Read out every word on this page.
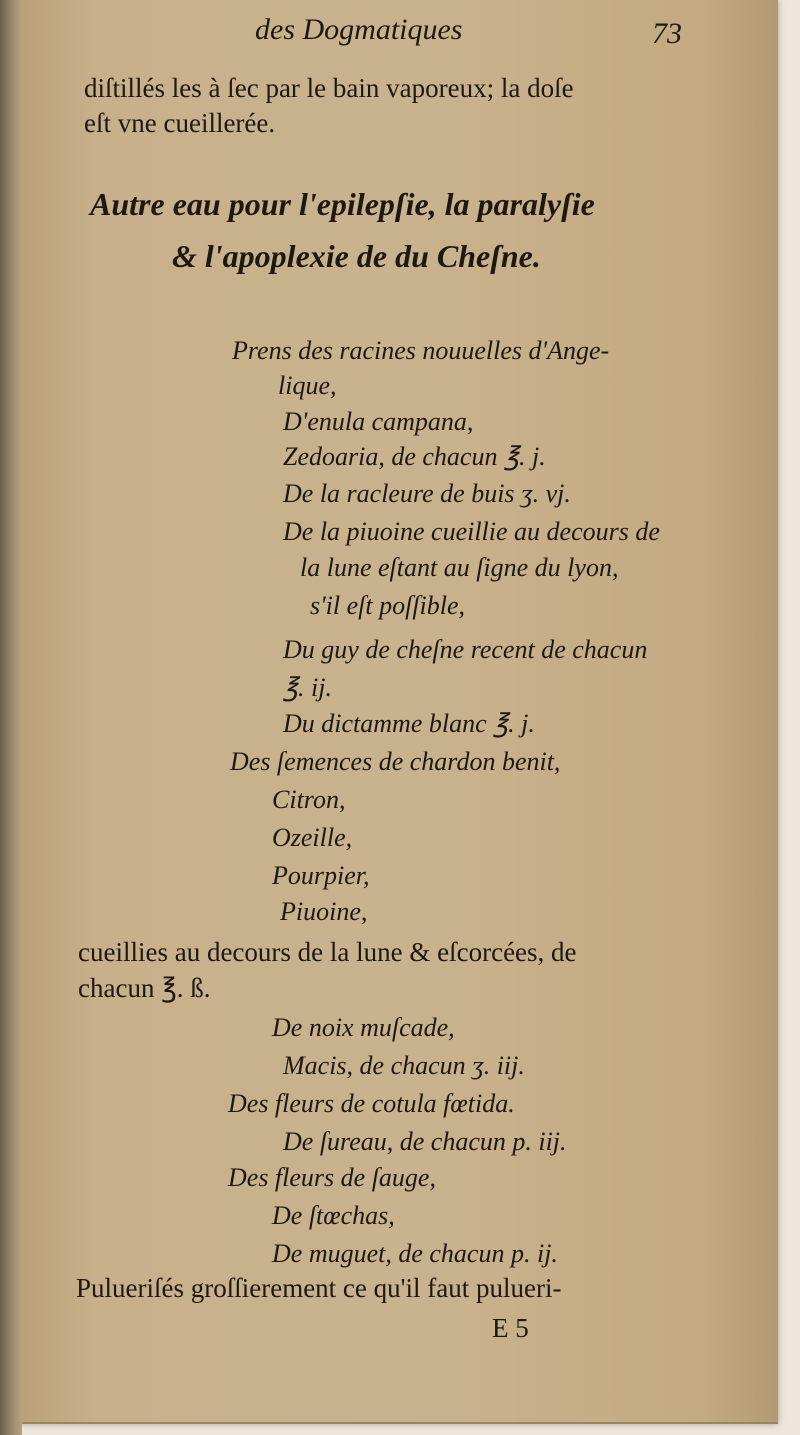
des Dogmatiques	73
diſtillés les à ſec par le bain vaporeux; la doſe
eſt vne cueillerée.
Autre eau pour l'epilepſie, la paralyſie
& l'apoplexie de du Cheſne.
Prens des racines nouuelles d'Ange-
lique,
D'enula campana,
Zedoaria, de chacun ℥. j.
De la racleure de buis ʒ. vj.
De la piuoine cueillie au decours de
la lune eſtant au ſigne du lyon,
s'il eſt poſſible,
Du guy de cheſne recent de chacun
℥. ij.
Du dictamme blanc ℥. j.
Des ſemences de chardon benit,
Citron,
Ozeille,
Pourpier,
Piuoine,
cueillies au decours de la lune & eſcorcées, de
chacun ℥. ß.
De noix muſcade,
Macis, de chacun ʒ. iij.
Des fleurs de cotula fœtida.
De ſureau, de chacun p. iij.
Des fleurs de ſauge,
De ſtœchas,
De muguet, de chacun p. ij.
Pulueriſés groſſierement ce qu'il faut pulueri-
E 5
